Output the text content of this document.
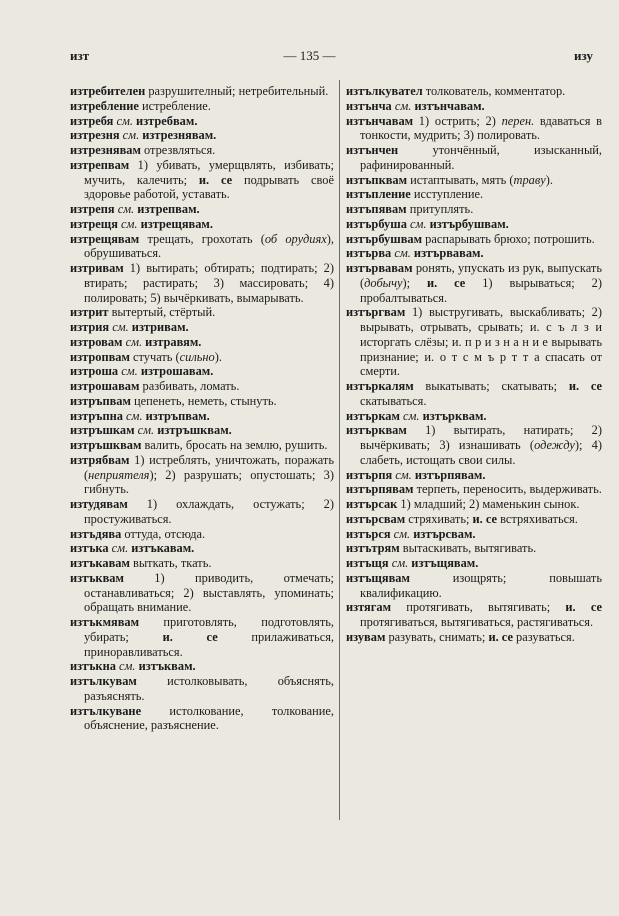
изт	— 135 —	изу

изтребителен разрушителный; нетребительный.

изтребление истребление.

изтребя см. изтребвам.

изтрезня см. изтрезнявам.

изтрезнявам отрезвляться.

изтрепвам 1) убивать, умерщвлять, избивать; мучить, калечить; и. се подрывать своё здоровье работой, уставать.

изтрепя см. изтрепвам.

изтрещя см. изтрещявам.

изтрещявам трещать, грохотать (об орудиях), обрушиваться.

изтривам 1) вытирать; обтирать; подтирать; 2) втирать; растирать; 3) массировать; 4) полировать; 5) вычёркивать, вымарывать.

изтрит вытертый, стёртый.

изтрия см. изтривам.

изтровам см. изтравям.

изтропвам стучать (сильно).

изтроша см. изтрошавам.

изтрошавам разбивать, ломать.

изтръпвам цепенеть, неметь, стынуть.

изтръпна см. изтръпвам.

изтръшкам см. изтръшквам.

изтръшквам валить, бросать на землю, рушить.

изтрябвам 1) истреблять, уничтожать, поражать (неприятеля); 2) разрушать; опустошать; 3) гибнуть.

изтудявам 1) охлаждать, остужать; 2) простуживаться.

изтъдява оттуда, отсюда.

изтъка см. изтъкавам.

изтъкавам выткать, ткать.

изтъквам 1) приводить, отмечать; останавливаться; 2) выставлять, упоминать; обращать внимание.

изтъкмявам приготовлять, подготовлять, убирать; и. се прилаживаться, приноравливаться.

изтъкна см. изтъквам.

изтълкувам истолковывать, объяснять, разъяснять.

изтълкуване истолкование, толкование, объяснение, разъяснение.

изтълкувател толкователь, комментатор.

изтънча см. изтънчавам.

изтънчавам 1) острить; 2) перен. вдаваться в тонкости, мудрить; 3) полировать.

изтънчен утончённый, изысканный, рафинированный.

изтъпквам истаптывать, мять (траву).

изтъпление исступление.

изтъпявам притуплять.

изтърбуша см. изтърбушвам.

изтърбушвам распарывать брюхо; потрошить.

изтърва см. изтървавам.

изтървавам ронять, упускать из рук, выпускать (добычу); и. се 1) вырываться; 2) пробалтываться.

изтъргвам 1) выстругивать, выскабливать; 2) вырывать, отрывать, срывать; и. с ъ л з и исторгать слёзы; и. п р и з н а н и е вырывать признание; и. о т с м ъ р т т а спасать от смерти.

изтъркалям выкатывать; скатывать; и. се скатываться.

изтъркам см. изтърквам.

изтърквам 1) вытирать, натирать; 2) вычёркивать; 3) изнашивать (одежду); 4) слабеть, истощать свои силы.

изтърпя см. изтърпявам.

изтърпявам терпеть, переносить, выдерживать.

изтърсак 1) младший; 2) маменькин сынок.

изтърсвам стряхивать; и. се встряхиваться.

изтърся см. изтърсвам.

изтътрям вытаскивать, вытягивать.

изтъщя см. изтъщявам.

изтъщявам изощрять; повышать квалификацию.

изтягам протягивать, вытягивать; и. се протягиваться, вытягиваться, растягиваться.

изувам разувать, снимать; и. се разуваться.
